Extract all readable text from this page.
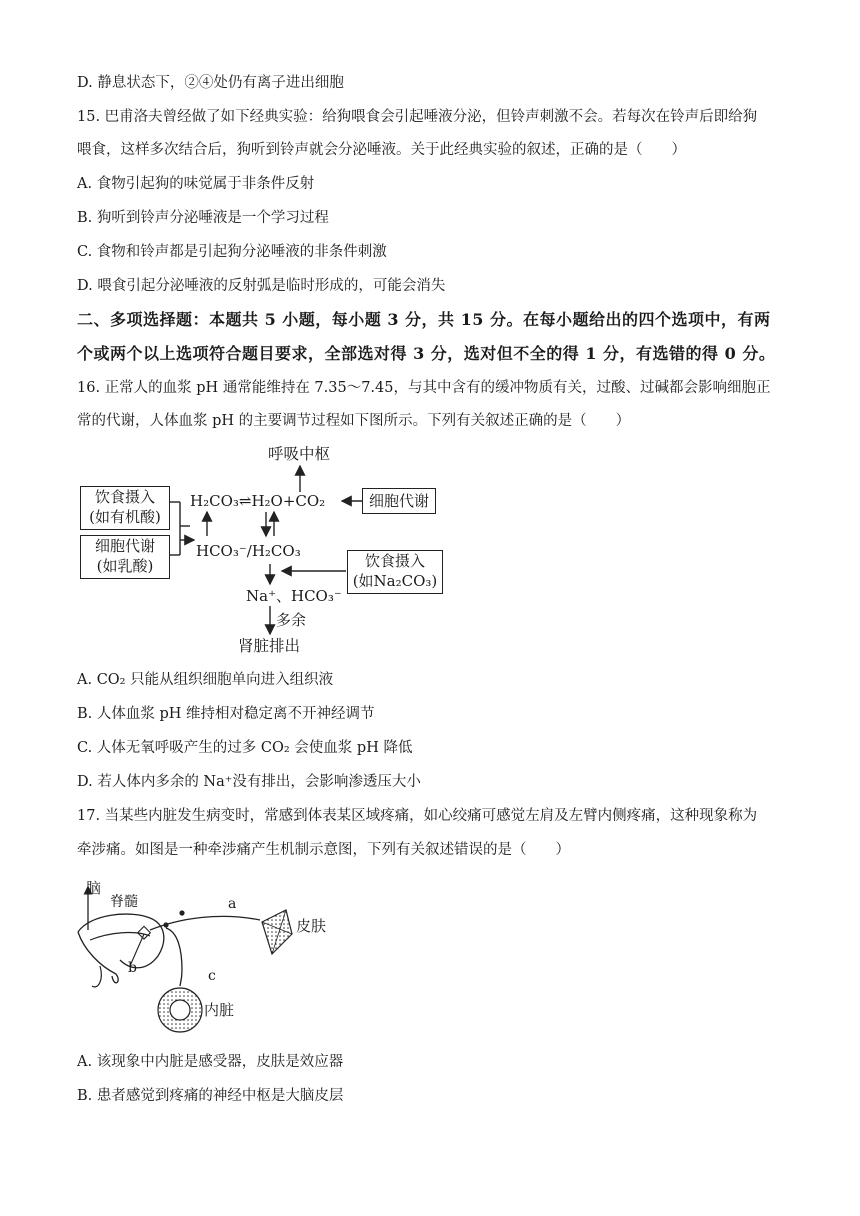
D. 静息状态下，②④处仍有离子进出细胞
15. 巴甫洛夫曾经做了如下经典实验：给狗喂食会引起唾液分泌，但铃声刺激不会。若每次在铃声后即给狗
喂食，这样多次结合后，狗听到铃声就会分泌唾液。关于此经典实验的叙述，正确的是（　　）
A. 食物引起狗的味觉属于非条件反射
B. 狗听到铃声分泌唾液是一个学习过程
C. 食物和铃声都是引起狗分泌唾液的非条件刺激
D. 喂食引起分泌唾液的反射弧是临时形成的，可能会消失
二、多项选择题：本题共 5 小题，每小题 3 分，共 15 分。在每小题给出的四个选项中，有两
个或两个以上选项符合题目要求，全部选对得 3 分，选对但不全的得 1 分，有选错的得 0 分。
16. 正常人的血浆 pH 通常能维持在 7.35～7.45，与其中含有的缓冲物质有关，过酸、过碱都会影响细胞正
常的代谢，人体血浆 pH 的主要调节过程如下图所示。下列有关叙述正确的是（　　）
呼吸中枢
饮食摄入
(如有机酸)
细胞代谢
(如乳酸)
H₂CO₃⇌H₂O+CO₂	细胞代谢
HCO₃⁻/H₂CO₃
饮食摄入
(如Na₂CO₃)
Na⁺、HCO₃⁻
多余
肾脏排出
A. CO₂ 只能从组织细胞单向进入组织液
B. 人体血浆 pH 维持相对稳定离不开神经调节
C. 人体无氧呼吸产生的过多 CO₂ 会使血浆 pH 降低
D. 若人体内多余的 Na⁺没有排出，会影响渗透压大小
17. 当某些内脏发生病变时，常感到体表某区域疼痛，如心绞痛可感觉左肩及左臂内侧疼痛，这种现象称为
牵涉痛。如图是一种牵涉痛产生机制示意图，下列有关叙述错误的是（　　）
脑
脊髓	a
b	c
皮肤
内脏
A. 该现象中内脏是感受器，皮肤是效应器
B. 患者感觉到疼痛的神经中枢是大脑皮层
